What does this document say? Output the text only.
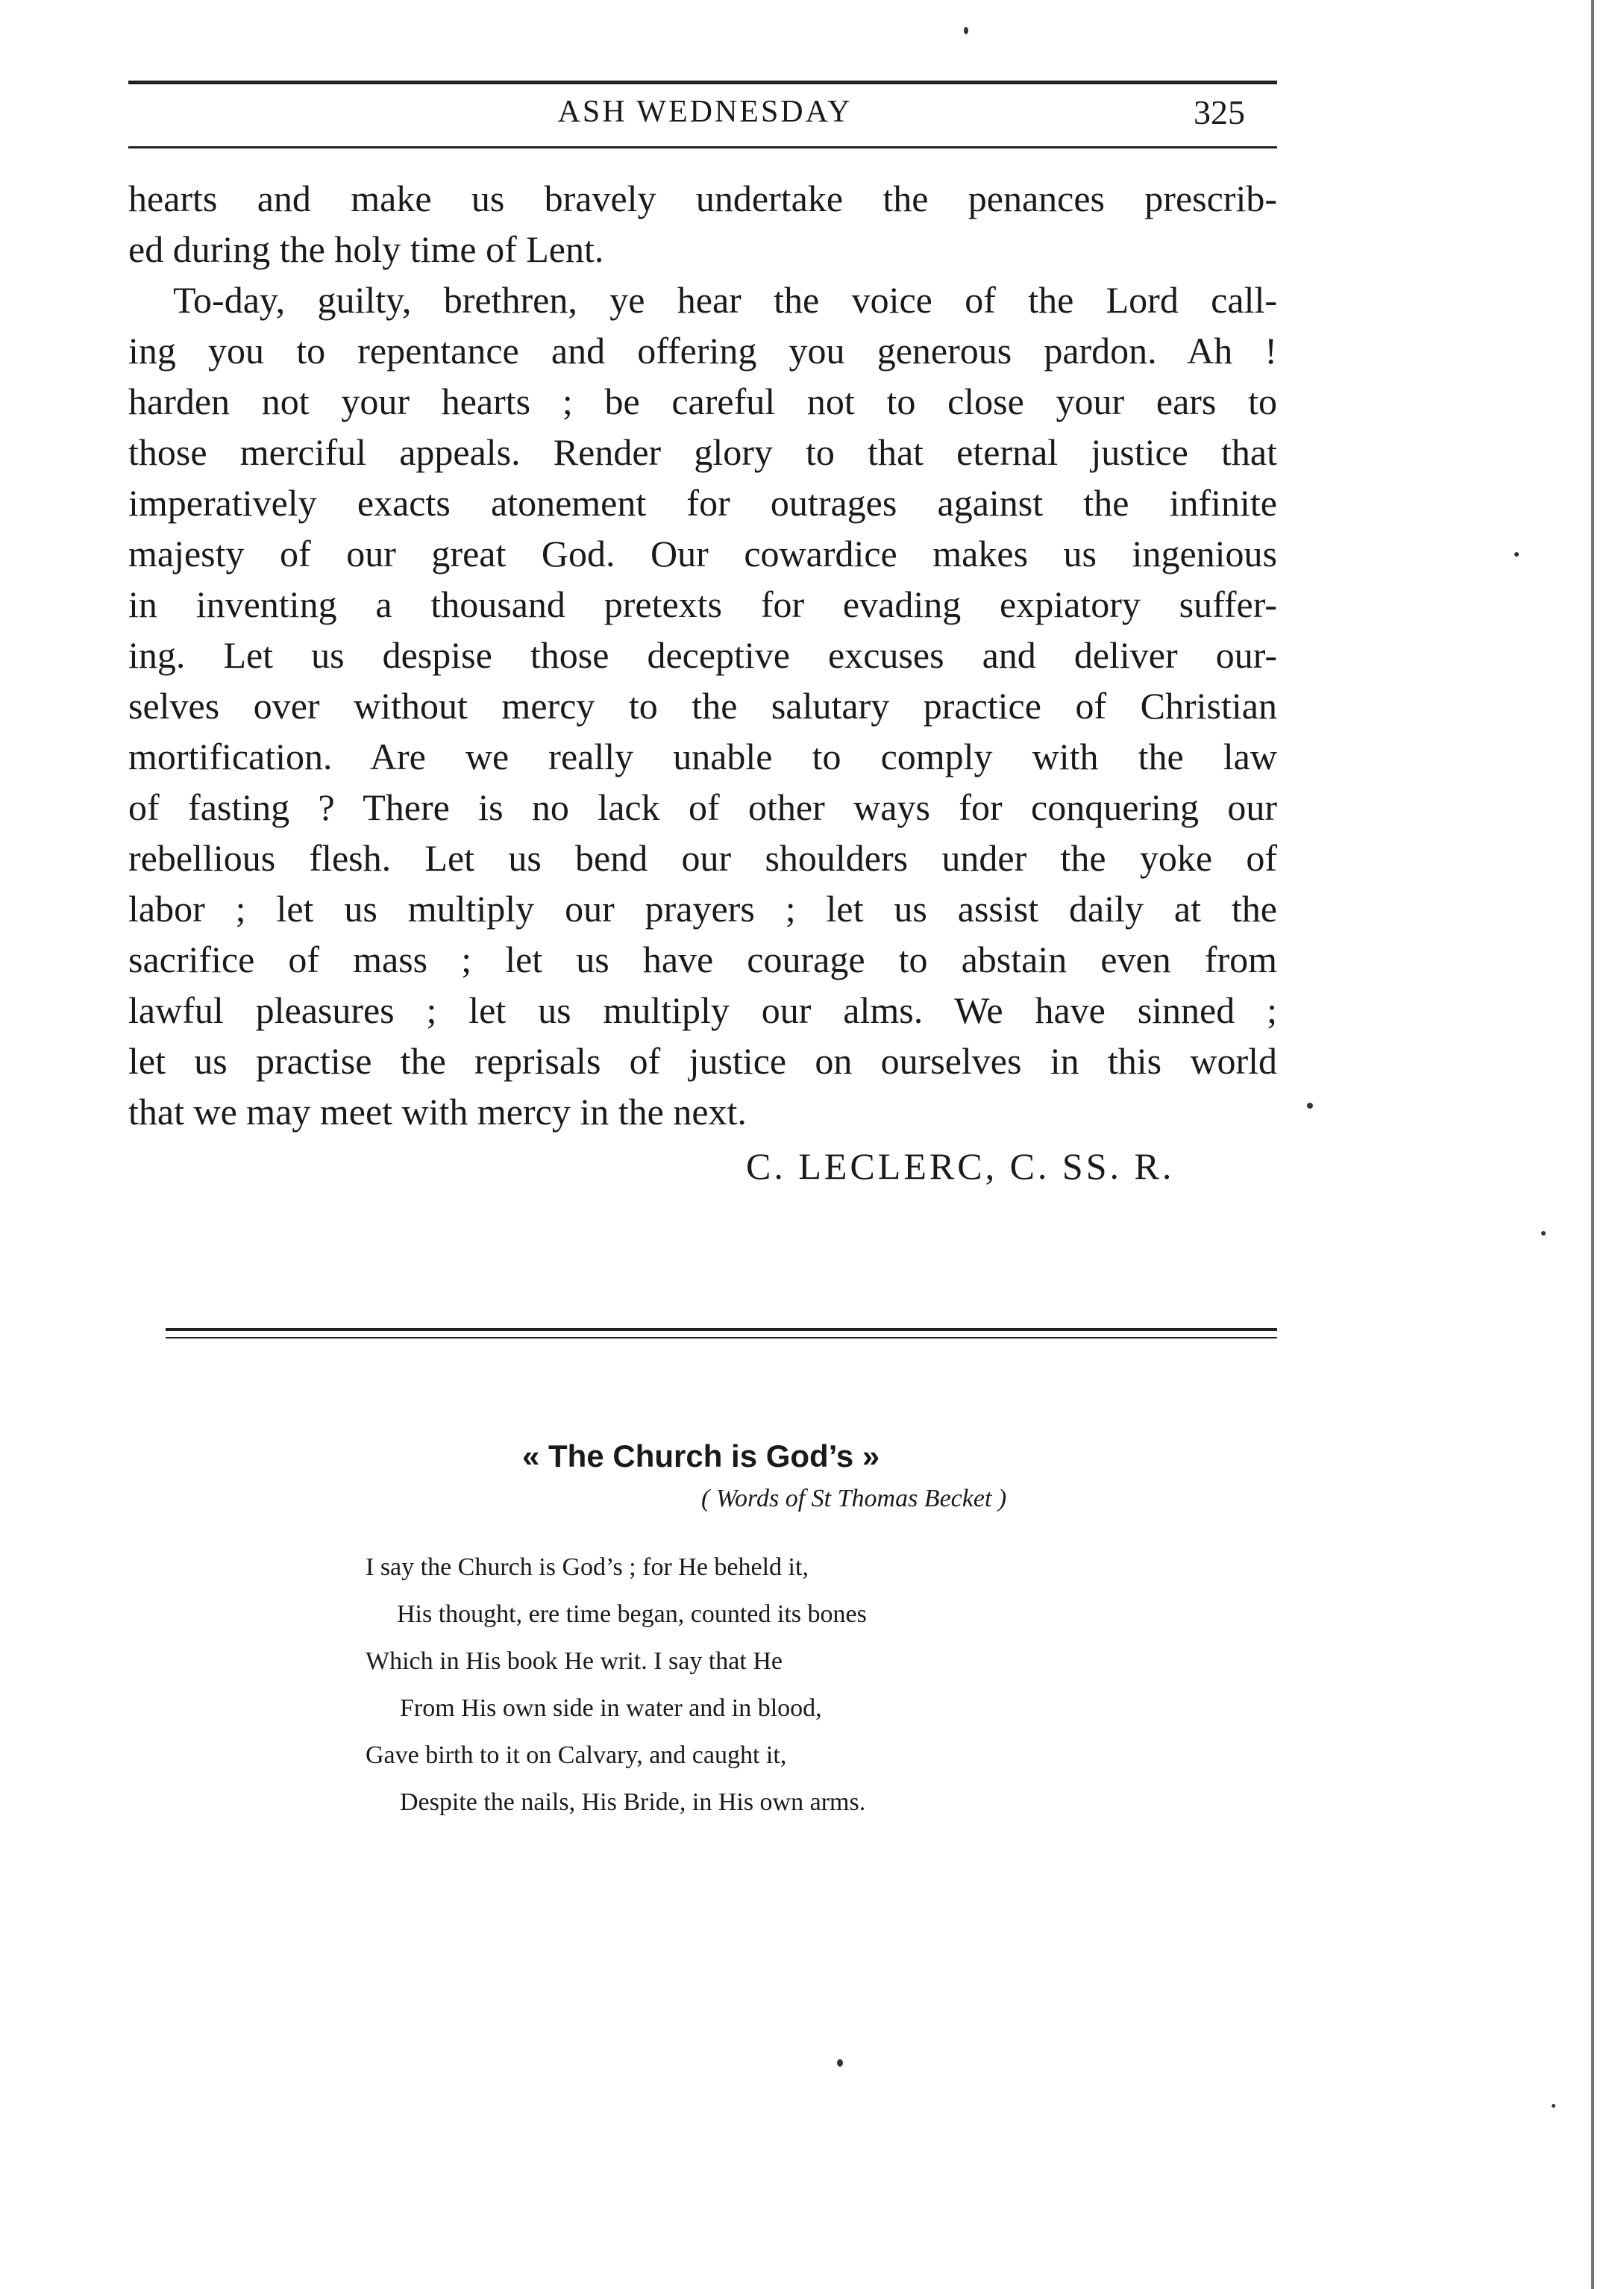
ASH WEDNESDAY	325
hearts and make us bravely undertake the penances prescrib-
ed during the holy time of Lent.
To-day, guilty, brethren, ye hear the voice of the Lord call-
ing you to repentance and offering you generous pardon. Ah !
harden not your hearts ; be careful not to close your ears to
those merciful appeals. Render glory to that eternal justice that
imperatively exacts atonement for outrages against the infinite
majesty of our great God. Our cowardice makes us ingenious
in inventing a thousand pretexts for evading expiatory suffer-
ing. Let us despise those deceptive excuses and deliver our-
selves over without mercy to the salutary practice of Christian
mortification. Are we really unable to comply with the law
of fasting ? There is no lack of other ways for conquering our
rebellious flesh. Let us bend our shoulders under the yoke of
labor ; let us multiply our prayers ; let us assist daily at the
sacrifice of mass ; let us have courage to abstain even from
lawful pleasures ; let us multiply our alms. We have sinned ;
let us practise the reprisals of justice on ourselves in this world
that we may meet with mercy in the next.
C. LECLERC, C. SS. R.
« The Church is God’s »
( Words of St Thomas Becket )
I say the Church is God’s ; for He beheld it,
His thought, ere time began, counted its bones
Which in His book He writ. I say that He
From His own side in water and in blood,
Gave birth to it on Calvary, and caught it,
Despite the nails, His Bride, in His own arms.
